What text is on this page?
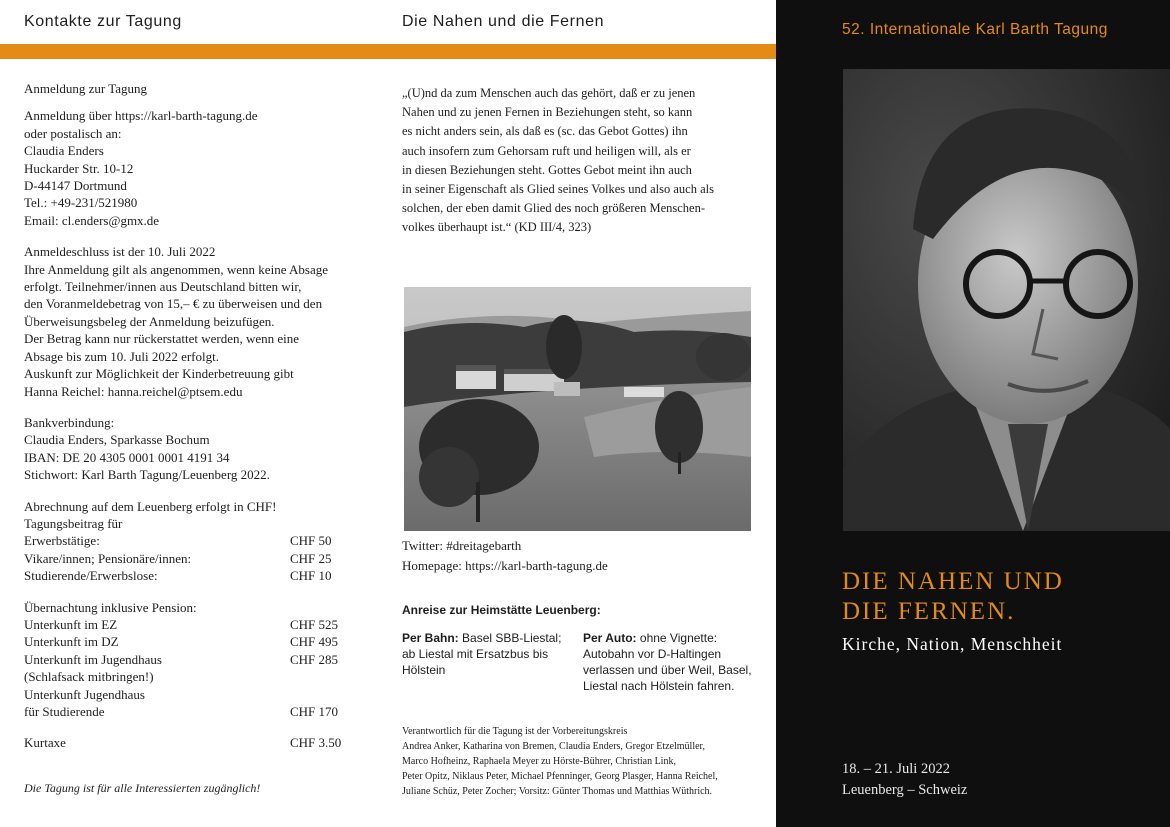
Kontakte zur Tagung	Die Nahen und die Fernen
Anmeldung zur Tagung
Anmeldung über https://karl-barth-tagung.de
oder postalisch an:
Claudia Enders
Huckarder Str. 10-12
D-44147 Dortmund
Tel.: +49-231/521980
Email: cl.enders@gmx.de
Anmeldeschluss ist der 10. Juli 2022
Ihre Anmeldung gilt als angenommen, wenn keine Absage
erfolgt. Teilnehmer/innen aus Deutschland bitten wir,
den Voranmeldebetrag von 15,– € zu überweisen und den
Überweisungsbeleg der Anmeldung beizufügen.
Der Betrag kann nur rückerstattet werden, wenn eine
Absage bis zum 10. Juli 2022 erfolgt.
Auskunft zur Möglichkeit der Kinderbetreuung gibt
Hanna Reichel: hanna.reichel@ptsem.edu
Bankverbindung:
Claudia Enders, Sparkasse Bochum
IBAN: DE 20 4305 0001 0001 4191 34
Stichwort: Karl Barth Tagung/Leuenberg 2022.
Abrechnung auf dem Leuenberg erfolgt in CHF!
Tagungsbeitrag für
Erwerbstätige:	CHF 50
Vikare/innen; Pensionäre/innen:	CHF 25
Studierende/Erwerbslose:	CHF 10
Übernachtung inklusive Pension:
Unterkunft im EZ	CHF 525
Unterkunft im DZ	CHF 495
Unterkunft im Jugendhaus	CHF 285
(Schlafsack mitbringen!)
Unterkunft Jugendhaus
für Studierende	CHF 170
Kurtaxe	CHF 3.50
Die Tagung ist für alle Interessierten zugänglich!
„(U)nd da zum Menschen auch das gehört, daß er zu jenen
Nahen und zu jenen Fernen in Beziehungen steht, so kann
es nicht anders sein, als daß es (sc. das Gebot Gottes) ihn
auch insofern zum Gehorsam ruft und heiligen will, als er
in diesen Beziehungen steht. Gottes Gebot meint ihn auch
in seiner Eigenschaft als Glied seines Volkes und also auch als
solchen, der eben damit Glied des noch größeren Menschen-
volkes überhaupt ist.“ (KD III/4, 323)
Twitter: #dreitagebarth
Homepage: https://karl-barth-tagung.de
Anreise zur Heimstätte Leuenberg:
Per Bahn: Basel SBB-Liestal; ab Liestal mit Ersatzbus bis Hölstein
Per Auto: ohne Vignette: Autobahn vor D-Haltingen verlassen und über Weil, Basel, Liestal nach Hölstein fahren.
Verantwortlich für die Tagung ist der Vorbereitungskreis
Andrea Anker, Katharina von Bremen, Claudia Enders, Gregor Etzelmüller,
Marco Hofheinz, Raphaela Meyer zu Hörste-Bührer, Christian Link,
Peter Opitz, Niklaus Peter, Michael Pfenninger, Georg Plasger, Hanna Reichel,
Juliane Schüz, Peter Zocher; Vorsitz: Günter Thomas und Matthias Wüthrich.
52. Internationale Karl Barth Tagung
DIE NAHEN UND
DIE FERNEN.
Kirche, Nation, Menschheit
18. – 21. Juli 2022
Leuenberg – Schweiz
